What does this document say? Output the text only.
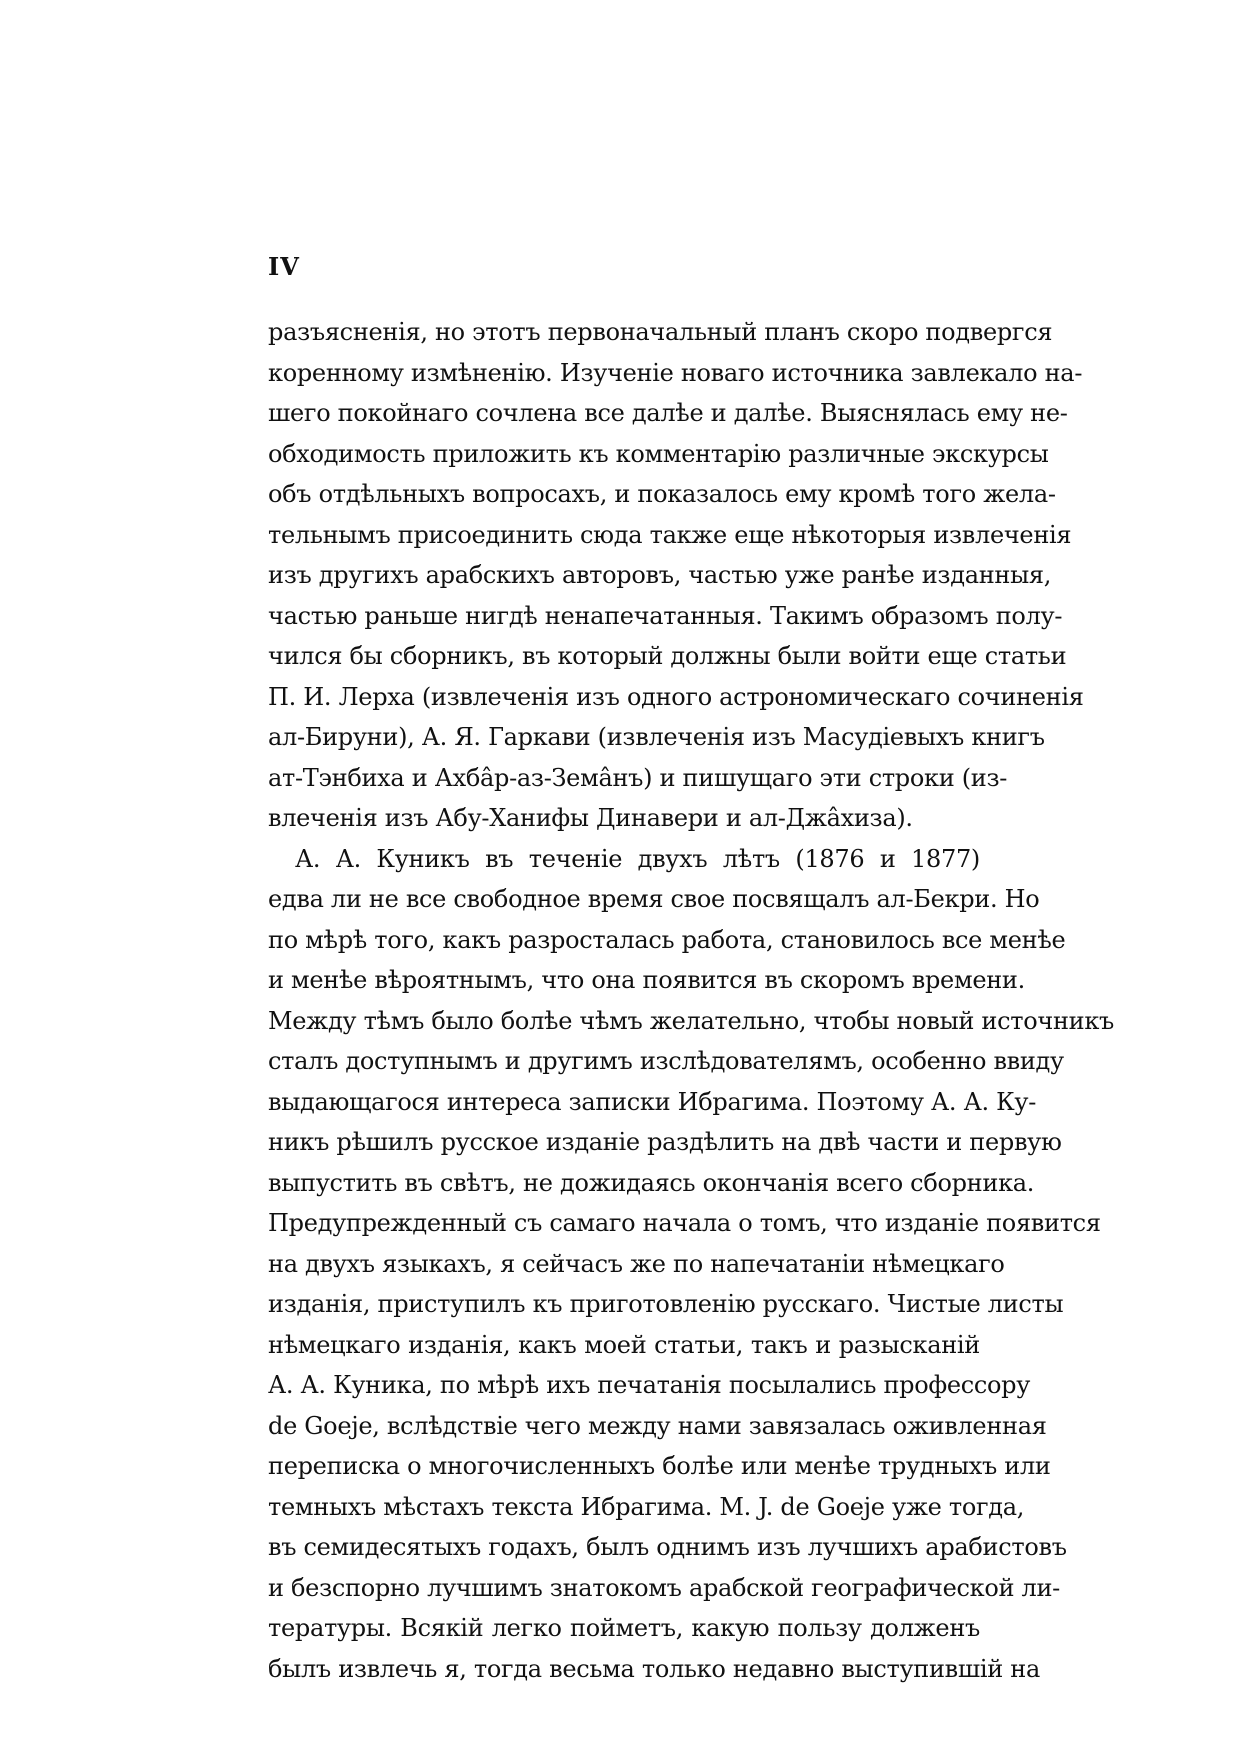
IV
разъясненія, но этотъ первоначальный планъ скоро подвергся
коренному измѣненію. Изученіе новаго источника завлекало на-
шего покойнаго сочлена все далѣе и далѣе. Выяснялась ему не-
обходимость приложить къ комментарію различные экскурсы
объ отдѣльныхъ вопросахъ, и показалось ему кромѣ того жела-
тельнымъ присоединить сюда также еще нѣкоторыя извлеченія
изъ другихъ арабскихъ авторовъ, частью уже ранѣе изданныя,
частью раньше нигдѣ ненапечатанныя. Такимъ образомъ полу-
чился бы сборникъ, въ который должны были войти еще статьи
П. И. Лерха (извлеченія изъ одного астрономическаго сочиненія
ал-Бируни), А. Я. Гаркави (извлеченія изъ Масудіевыхъ книгъ
ат-Тэнбиха и Ахбâр-аз-Земâнъ) и пишущаго эти строки (из-
влеченія изъ Абу-Ханифы Динавери и ал-Джâхиза).
А. А. Куникъ въ теченіе двухъ лѣтъ (1876 и 1877)
едва ли не все свободное время свое посвящалъ ал-Бекри. Но
по мѣрѣ того, какъ разросталась работа, становилось все менѣе
и менѣе вѣроятнымъ, что она появится въ скоромъ времени.
Между тѣмъ было болѣе чѣмъ желательно, чтобы новый источникъ
сталъ доступнымъ и другимъ изслѣдователямъ, особенно ввиду
выдающагося интереса записки Ибрагима. Поэтому А. А. Ку-
никъ рѣшилъ русское изданіе раздѣлить на двѣ части и первую
выпустить въ свѣтъ, не дожидаясь окончанія всего сборника.
Предупрежденный съ самаго начала о томъ, что изданіе появится
на двухъ языкахъ, я сейчасъ же по напечатаніи нѣмецкаго
изданія, приступилъ къ приготовленію русскаго. Чистые листы
нѣмецкаго изданія, какъ моей статьи, такъ и разысканій
А. А. Куника, по мѣрѣ ихъ печатанія посылались профессору
de Goeje, вслѣдствіе чего между нами завязалась оживленная
переписка о многочисленныхъ болѣе или менѣе трудныхъ или
темныхъ мѣстахъ текста Ибрагима. M. J. de Goeje уже тогда,
въ семидесятыхъ годахъ, былъ однимъ изъ лучшихъ арабистовъ
и безспорно лучшимъ знатокомъ арабской географической ли-
тературы. Всякій легко пойметъ, какую пользу долженъ
былъ извлечь я, тогда весьма только недавно выступившій на
